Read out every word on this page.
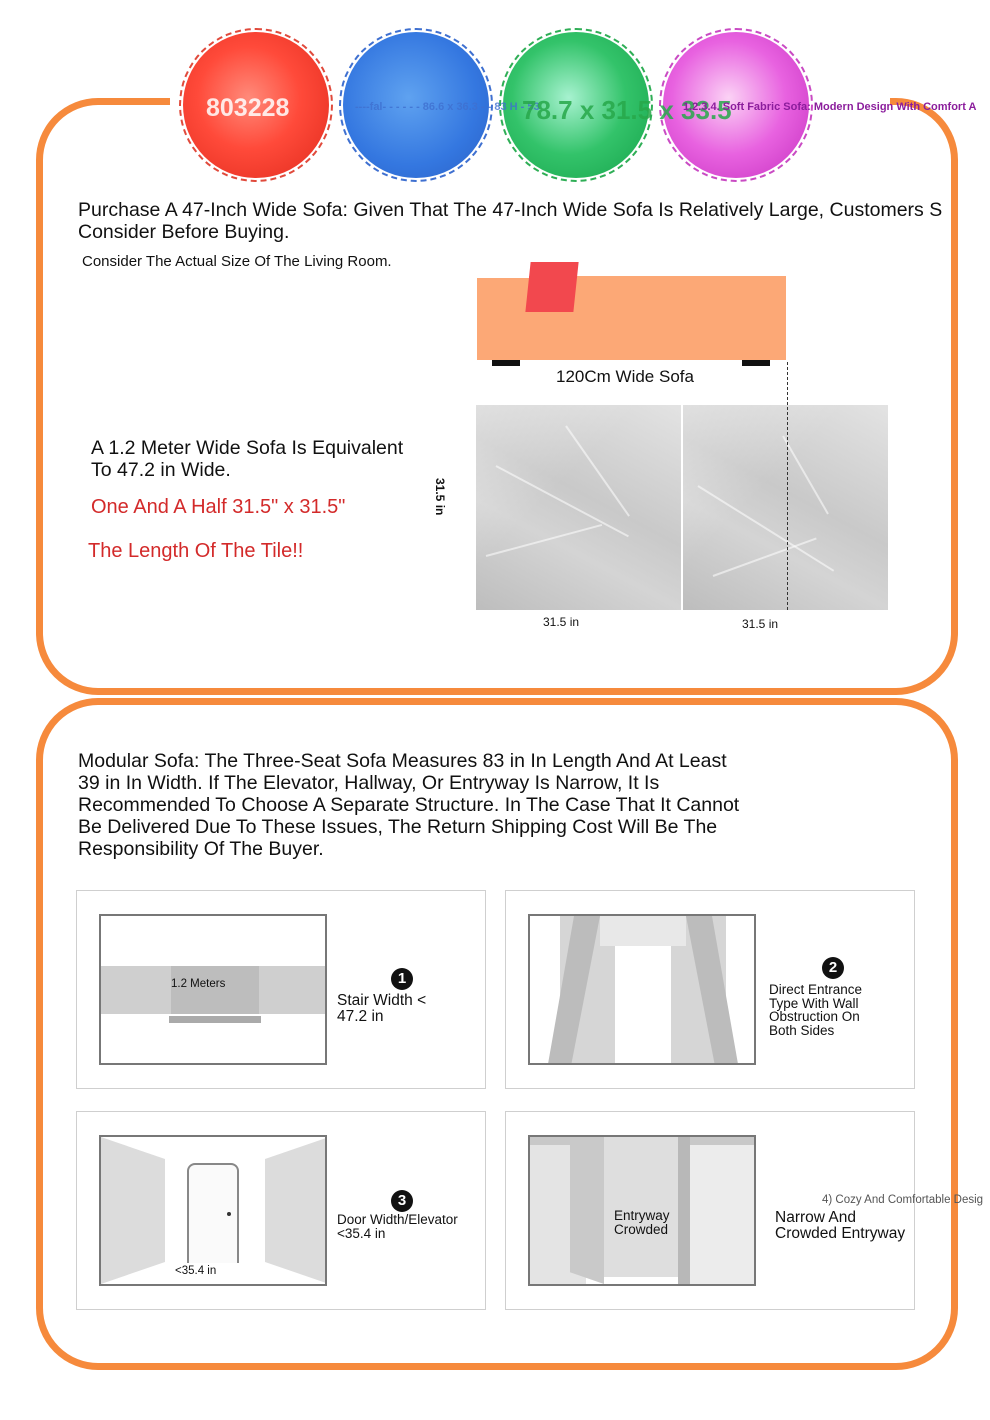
803228	----fal- - - - - - 86.6 x 36.3 - - 83 H - 53
78.7 x 31.5 x 33.5
1.2.3.4. Soft Fabric Sofa: Modern Design With Comfort A
Purchase A 47-Inch Wide Sofa: Given That The 47-Inch Wide Sofa Is Relatively Large, Customers S
Consider Before Buying.
Consider The Actual Size Of The Living Room.
120Cm Wide Sofa
31.5 in
31.5 in	31.5 in
A 1.2 Meter Wide Sofa Is Equivalent
To 47.2 in Wide.
One And A Half 31.5" x 31.5"
The Length Of The Tile!!
Modular Sofa: The Three-Seat Sofa Measures 83 in In Length And At Least
39 in In Width. If The Elevator, Hallway, Or Entryway Is Narrow, It Is
Recommended To Choose A Separate Structure. In The Case That It Cannot
Be Delivered Due To These Issues, The Return Shipping Cost Will Be The
Responsibility Of The Buyer.
1.2 Meters	1
Stair Width <
47.2 in
2
Direct Entrance
Type With Wall
Obstruction On
Both Sides
<35.4 in
3
Door Width/Elevator
<35.4 in
Entryway
Crowded
4) Cozy And Comfortable Desig
Narrow And
Crowded Entryway
